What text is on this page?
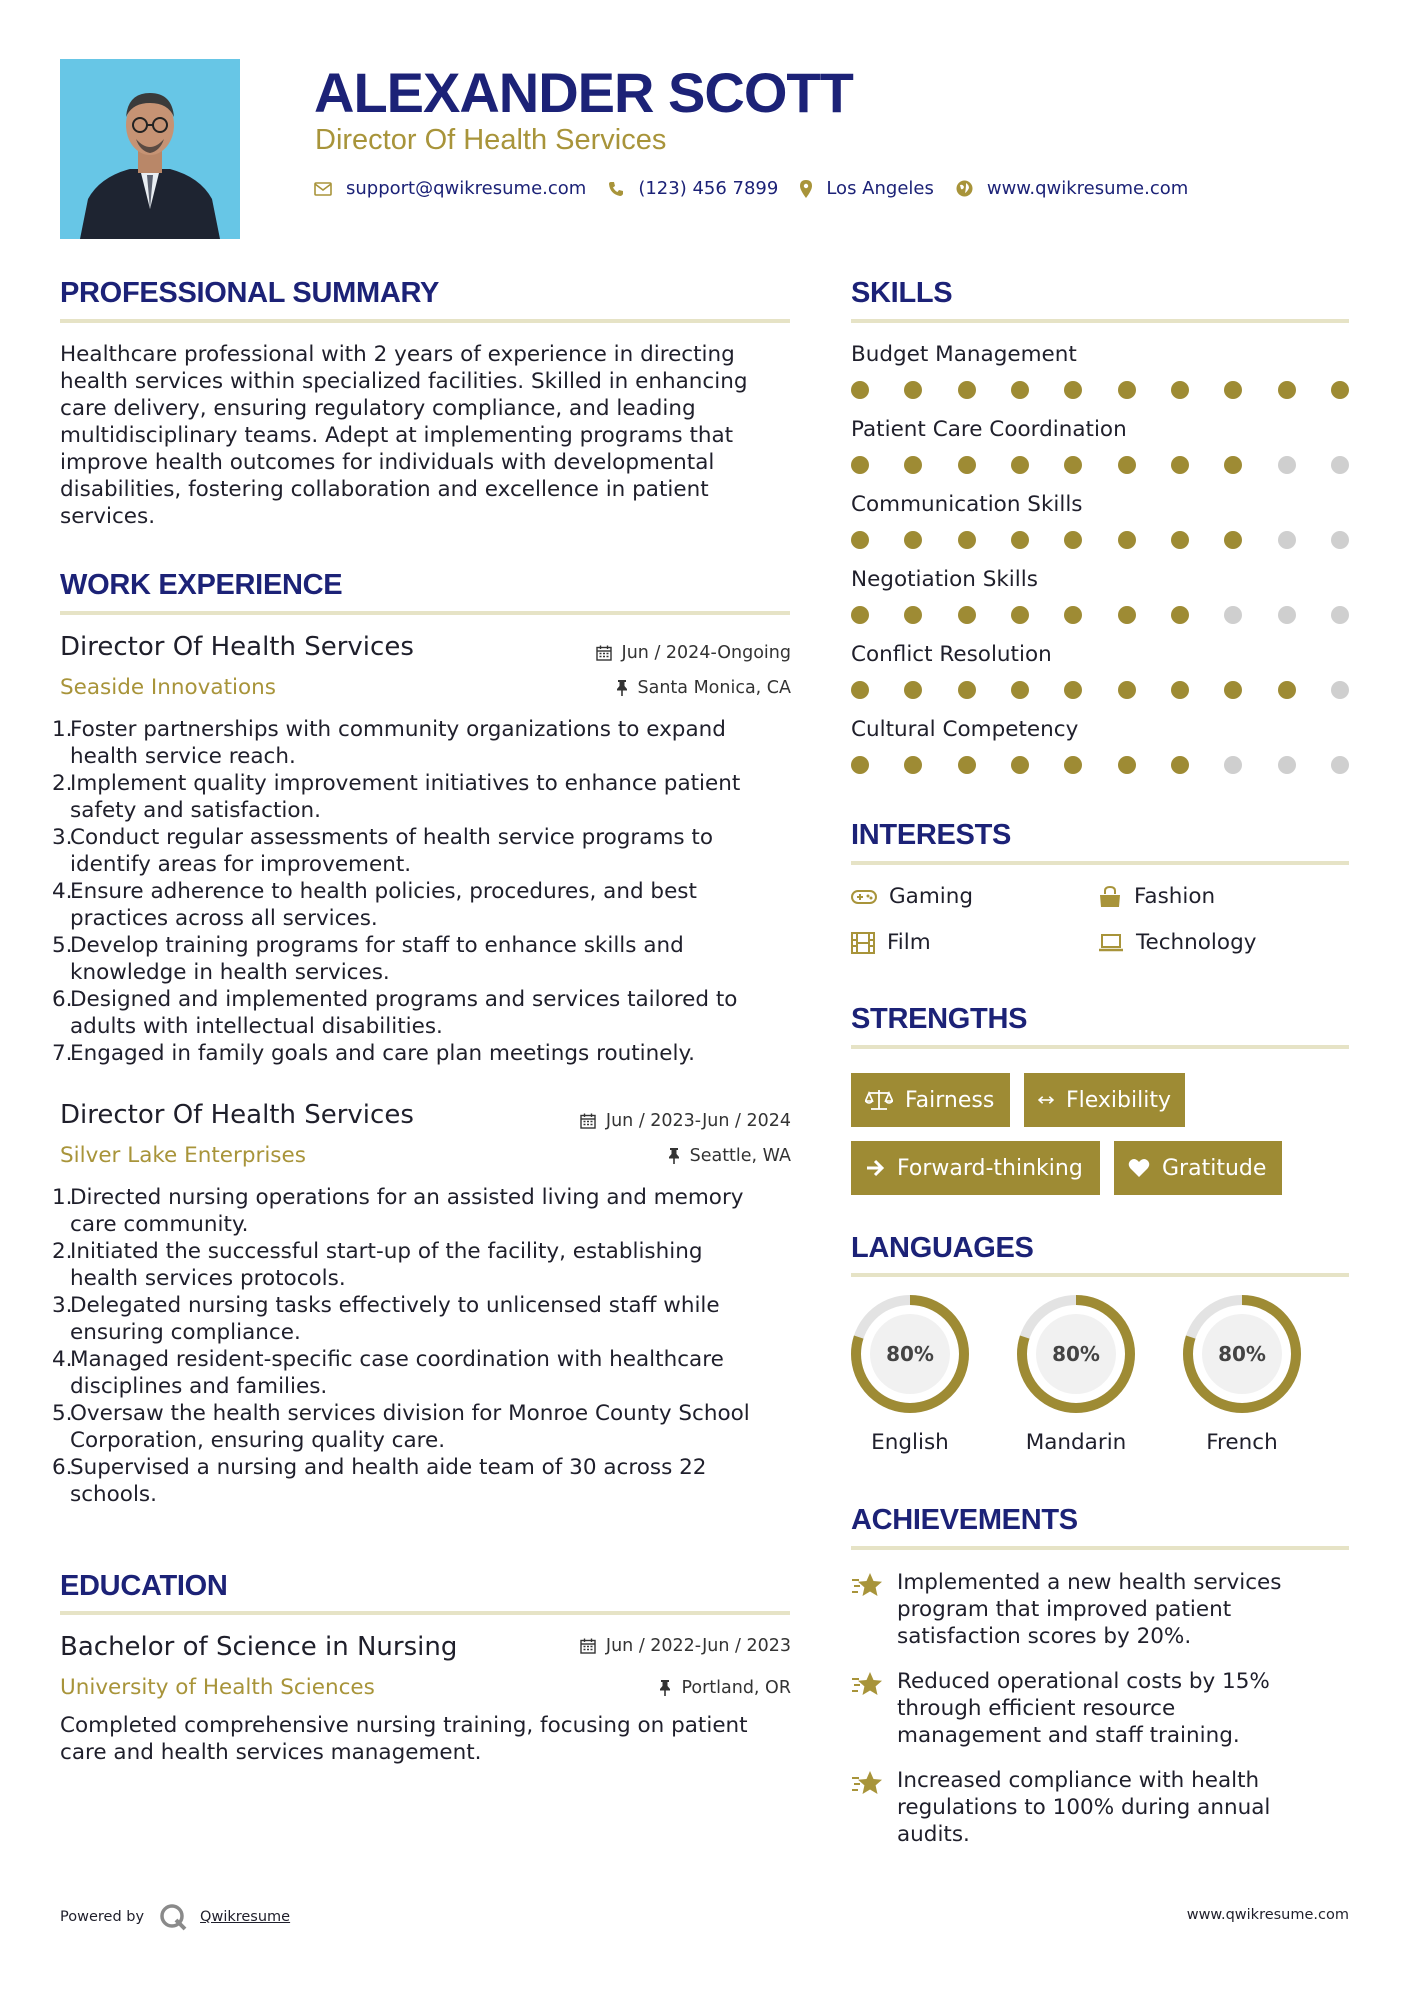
ALEXANDER SCOTT
Director Of Health Services
support@qwikresume.com	(123) 456 7899	Los Angeles	www.qwikresume.com
PROFESSIONAL SUMMARY
Healthcare professional with 2 years of experience in directing
health services within specialized facilities. Skilled in enhancing
care delivery, ensuring regulatory compliance, and leading
multidisciplinary teams. Adept at implementing programs that
improve health outcomes for individuals with developmental
disabilities, fostering collaboration and excellence in patient
services.
WORK EXPERIENCE
Director Of Health Services	Jun / 2024-Ongoing
Seaside Innovations	Santa Monica, CA
1.
Foster partnerships with community organizations to expand
health service reach.
2.
Implement quality improvement initiatives to enhance patient
safety and satisfaction.
3.
Conduct regular assessments of health service programs to
identify areas for improvement.
4.
Ensure adherence to health policies, procedures, and best
practices across all services.
5.
Develop training programs for staff to enhance skills and
knowledge in health services.
6.
Designed and implemented programs and services tailored to
adults with intellectual disabilities.
7.
Engaged in family goals and care plan meetings routinely.
Director Of Health Services	Jun / 2023-Jun / 2024
Silver Lake Enterprises	Seattle, WA
1.
Directed nursing operations for an assisted living and memory
care community.
2.
Initiated the successful start-up of the facility, establishing
health services protocols.
3.
Delegated nursing tasks effectively to unlicensed staff while
ensuring compliance.
4.
Managed resident-specific case coordination with healthcare
disciplines and families.
5.
Oversaw the health services division for Monroe County School
Corporation, ensuring quality care.
6.
Supervised a nursing and health aide team of 30 across 22
schools.
EDUCATION
Bachelor of Science in Nursing	Jun / 2022-Jun / 2023
University of Health Sciences	Portland, OR
Completed comprehensive nursing training, focusing on patient
care and health services management.
SKILLS
Budget Management
Patient Care Coordination
Communication Skills
Negotiation Skills
Conflict Resolution
Cultural Competency
INTERESTS
Gaming	Fashion
Film	Technology
STRENGTHS
Fairness	Flexibility
Forward-thinking	Gratitude
LANGUAGES
80%
English
80%
Mandarin
80%
French
ACHIEVEMENTS
Implemented a new health services
program that improved patient
satisfaction scores by 20%.
Reduced operational costs by 15%
through efficient resource
management and staff training.
Increased compliance with health
regulations to 100% during annual
audits.
Powered by	Qwikresume	www.qwikresume.com
